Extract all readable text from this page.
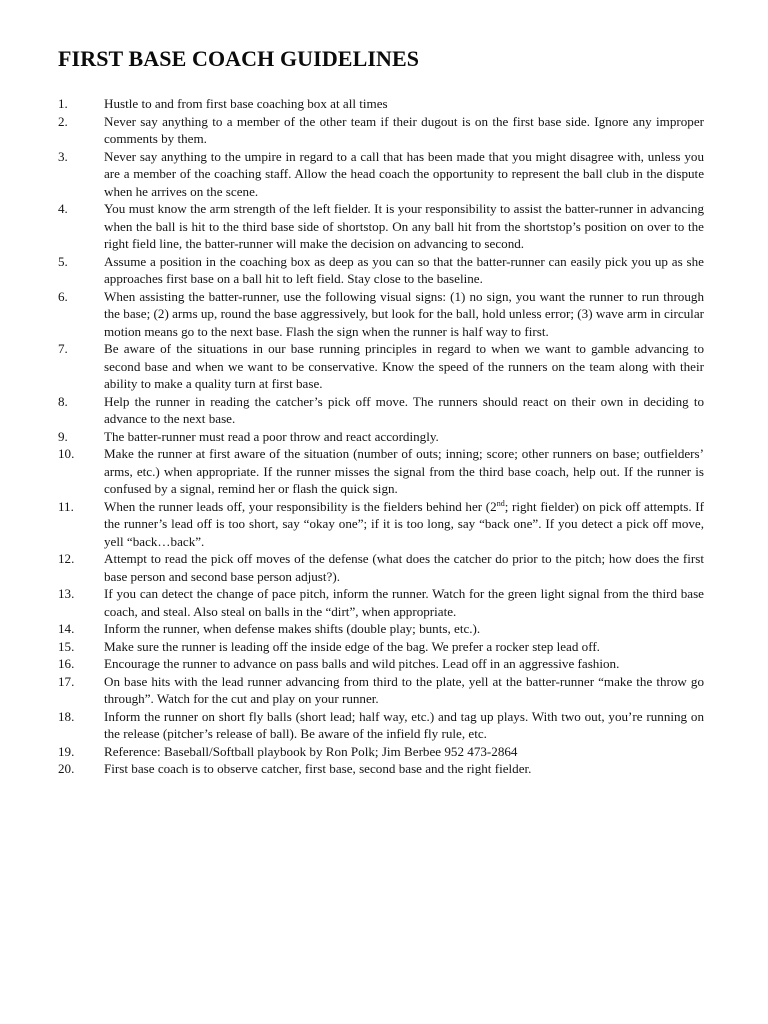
FIRST BASE COACH GUIDELINES
1.	Hustle to and from first base coaching box at all times
2.	Never say anything to a member of the other team if their dugout is on the first base side. Ignore any improper comments by them.
3.	Never say anything to the umpire in regard to a call that has been made that you might disagree with, unless you are a member of the coaching staff. Allow the head coach the opportunity to represent the ball club in the dispute when he arrives on the scene.
4.	You must know the arm strength of the left fielder. It is your responsibility to assist the batter-runner in advancing when the ball is hit to the third base side of shortstop. On any ball hit from the shortstop’s position on over to the right field line, the batter-runner will make the decision on advancing to second.
5.	Assume a position in the coaching box as deep as you can so that the batter-runner can easily pick you up as she approaches first base on a ball hit to left field. Stay close to the baseline.
6.	When assisting the batter-runner, use the following visual signs: (1) no sign, you want the runner to run through the base; (2) arms up, round the base aggressively, but look for the ball, hold unless error; (3) wave arm in circular motion means go to the next base. Flash the sign when the runner is half way to first.
7.	Be aware of the situations in our base running principles in regard to when we want to gamble advancing to second base and when we want to be conservative. Know the speed of the runners on the team along with their ability to make a quality turn at first base.
8.	Help the runner in reading the catcher’s pick off move. The runners should react on their own in deciding to advance to the next base.
9.	The batter-runner must read a poor throw and react accordingly.
10.	Make the runner at first aware of the situation (number of outs; inning; score; other runners on base; outfielders’ arms, etc.) when appropriate. If the runner misses the signal from the third base coach, help out. If the runner is confused by a signal, remind her or flash the quick sign.
11.	When the runner leads off, your responsibility is the fielders behind her (2nd; right fielder) on pick off attempts. If the runner’s lead off is too short, say “okay one”; if it is too long, say “back one”. If you detect a pick off move, yell “back…back”.
12.	Attempt to read the pick off moves of the defense (what does the catcher do prior to the pitch; how does the first base person and second base person adjust?).
13.	If you can detect the change of pace pitch, inform the runner. Watch for the green light signal from the third base coach, and steal. Also steal on balls in the “dirt”, when appropriate.
14.	Inform the runner, when defense makes shifts (double play; bunts, etc.).
15.	Make sure the runner is leading off the inside edge of the bag. We prefer a rocker step lead off.
16.	Encourage the runner to advance on pass balls and wild pitches. Lead off in an aggressive fashion.
17.	On base hits with the lead runner advancing from third to the plate, yell at the batter-runner “make the throw go through”. Watch for the cut and play on your runner.
18.	Inform the runner on short fly balls (short lead; half way, etc.) and tag up plays. With two out, you’re running on the release (pitcher’s release of ball). Be aware of the infield fly rule, etc.
19.	Reference: Baseball/Softball playbook by Ron Polk; Jim Berbee 952 473-2864
20.	First base coach is to observe catcher, first base, second base and the right fielder.
